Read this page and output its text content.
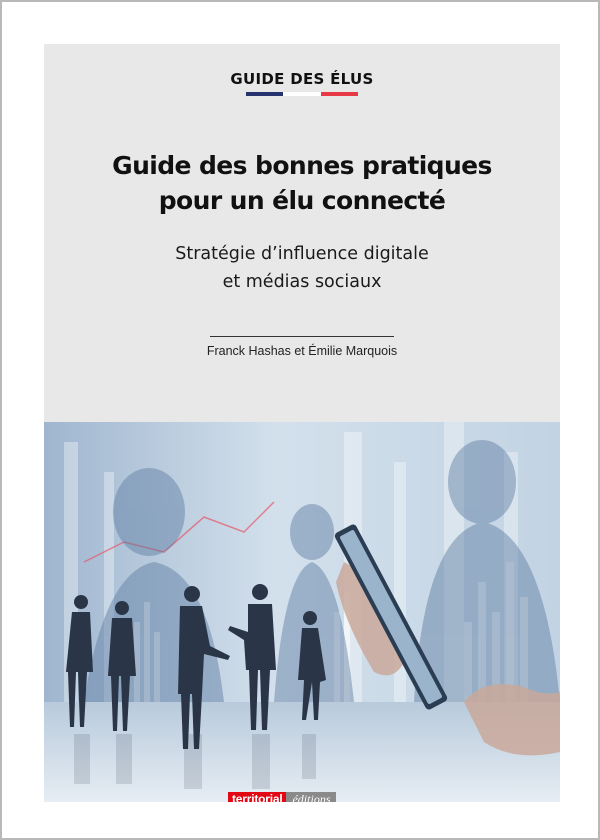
GUIDE DES ÉLUS
Guide des bonnes pratiques
pour un élu connecté
Stratégie d’influence digitale
et médias sociaux
Franck Hashas et Émilie Marquois
territorial éditions
